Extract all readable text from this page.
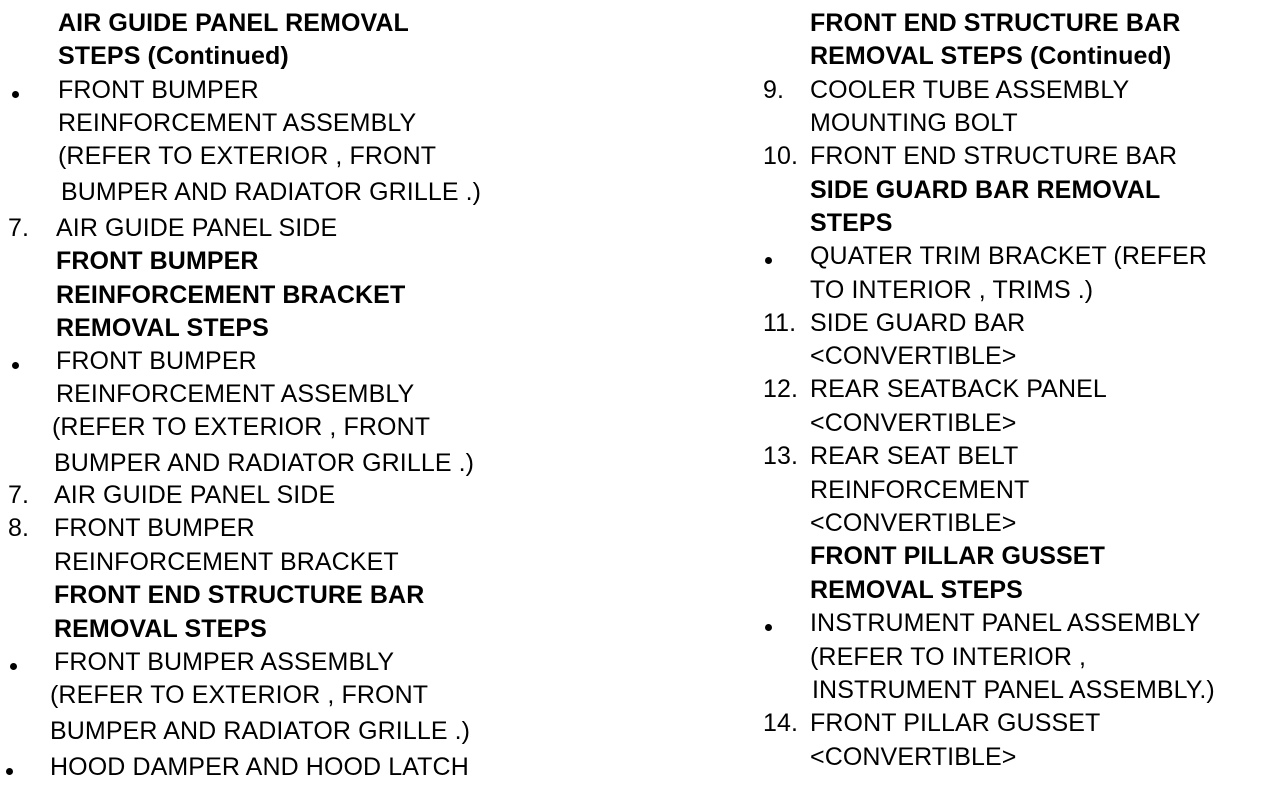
AIR GUIDE PANEL REMOVAL
STEPS (Continued)
FRONT BUMPER
REINFORCEMENT ASSEMBLY
(REFER TO EXTERIOR , FRONT
BUMPER AND RADIATOR GRILLE .)
7. AIR GUIDE PANEL SIDE
FRONT BUMPER
REINFORCEMENT BRACKET
REMOVAL STEPS
FRONT BUMPER
REINFORCEMENT ASSEMBLY
(REFER TO EXTERIOR , FRONT
BUMPER AND RADIATOR GRILLE .)
7. AIR GUIDE PANEL SIDE
8. FRONT BUMPER
REINFORCEMENT BRACKET
FRONT END STRUCTURE BAR
REMOVAL STEPS
FRONT BUMPER ASSEMBLY
(REFER TO EXTERIOR , FRONT
BUMPER AND RADIATOR GRILLE .)
HOOD DAMPER AND HOOD LATCH
FRONT END STRUCTURE BAR
REMOVAL STEPS (Continued)
9. COOLER TUBE ASSEMBLY
MOUNTING BOLT
10. FRONT END STRUCTURE BAR
SIDE GUARD BAR REMOVAL
STEPS
QUATER TRIM BRACKET (REFER
TO INTERIOR , TRIMS .)
11. SIDE GUARD BAR
<CONVERTIBLE>
12. REAR SEATBACK PANEL
<CONVERTIBLE>
13. REAR SEAT BELT
REINFORCEMENT
<CONVERTIBLE>
FRONT PILLAR GUSSET
REMOVAL STEPS
INSTRUMENT PANEL ASSEMBLY
(REFER TO INTERIOR ,
INSTRUMENT PANEL ASSEMBLY.)
14. FRONT PILLAR GUSSET
<CONVERTIBLE>
